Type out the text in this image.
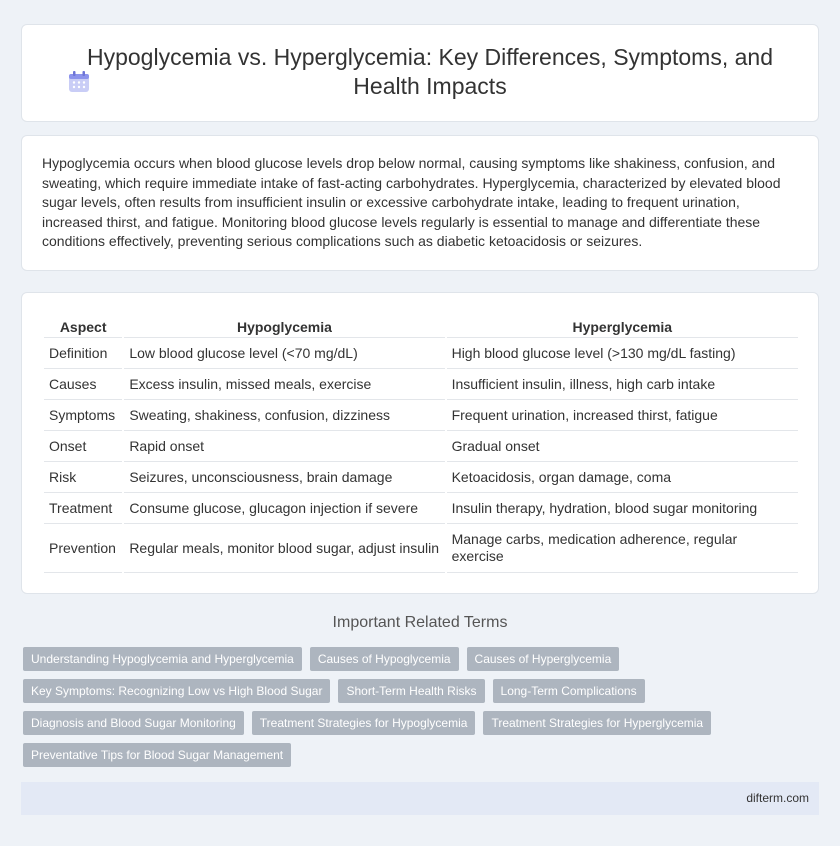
Hypoglycemia vs. Hyperglycemia: Key Differences, Symptoms, and Health Impacts

Hypoglycemia occurs when blood glucose levels drop below normal, causing symptoms like shakiness, confusion, and sweating, which require immediate intake of fast-acting carbohydrates. Hyperglycemia, characterized by elevated blood sugar levels, often results from insufficient insulin or excessive carbohydrate intake, leading to frequent urination, increased thirst, and fatigue. Monitoring blood glucose levels regularly is essential to manage and differentiate these conditions effectively, preventing serious complications such as diabetic ketoacidosis or seizures.

Aspect	Hypoglycemia	Hyperglycemia
Definition	Low blood glucose level (<70 mg/dL)	High blood glucose level (>130 mg/dL fasting)
Causes	Excess insulin, missed meals, exercise	Insufficient insulin, illness, high carb intake
Symptoms	Sweating, shakiness, confusion, dizziness	Frequent urination, increased thirst, fatigue
Onset	Rapid onset	Gradual onset
Risk	Seizures, unconsciousness, brain damage	Ketoacidosis, organ damage, coma
Treatment	Consume glucose, glucagon injection if severe	Insulin therapy, hydration, blood sugar monitoring
Prevention	Regular meals, monitor blood sugar, adjust insulin	Manage carbs, medication adherence, regular exercise
Important Related Terms
Understanding Hypoglycemia and Hyperglycemia	Causes of Hypoglycemia	Causes of Hyperglycemia
Key Symptoms: Recognizing Low vs High Blood Sugar	Short-Term Health Risks	Long-Term Complications
Diagnosis and Blood Sugar Monitoring	Treatment Strategies for Hypoglycemia	Treatment Strategies for Hyperglycemia
Preventative Tips for Blood Sugar Management
difterm.com
